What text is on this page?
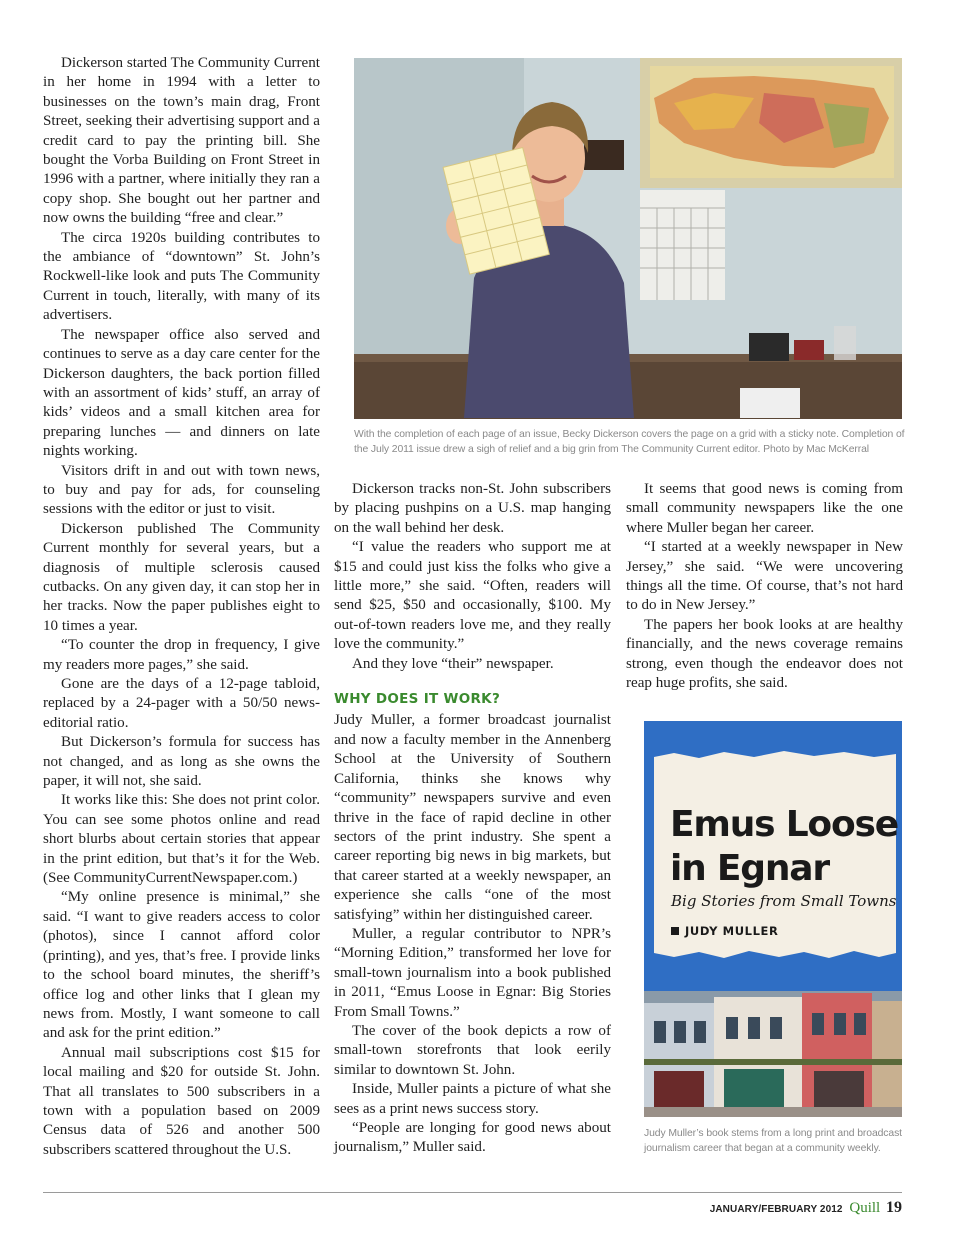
Dickerson started The Community Current in her home in 1994 with a letter to businesses on the town’s main drag, Front Street, seeking their advertising support and a credit card to pay the printing bill. She bought the Vorba Building on Front Street in 1996 with a partner, where initially they ran a copy shop. She bought out her partner and now owns the building “free and clear.”

The circa 1920s building contributes to the ambiance of “downtown” St. John’s Rockwell-like look and puts The Community Current in touch, literally, with many of its advertisers.

The newspaper office also served and continues to serve as a day care center for the Dickerson daughters, the back portion filled with an assortment of kids’ stuff, an array of kids’ videos and a small kitchen area for preparing lunches — and dinners on late nights working.

Visitors drift in and out with town news, to buy and pay for ads, for counseling sessions with the editor or just to visit.

Dickerson published The Community Current monthly for several years, but a diagnosis of multiple sclerosis caused cutbacks. On any given day, it can stop her in her tracks. Now the paper publishes eight to 10 times a year.

“To counter the drop in frequency, I give my readers more pages,” she said.

Gone are the days of a 12-page tabloid, replaced by a 24-pager with a 50/50 news-editorial ratio.

But Dickerson’s formula for success has not changed, and as long as she owns the paper, it will not, she said.

It works like this: She does not print color. You can see some photos online and read short blurbs about certain stories that appear in the print edition, but that’s it for the Web. (See CommunityCurrentNewspaper.com.)

“My online presence is minimal,” she said. “I want to give readers access to color (photos), since I cannot afford color (printing), and yes, that’s free. I provide links to the school board minutes, the sheriff’s office log and other links that I glean my news from. Mostly, I want someone to call and ask for the print edition.”

Annual mail subscriptions cost $15 for local mailing and $20 for outside St. John. That all translates to 500 subscribers in a town with a population based on 2009 Census data of 526 and another 500 subscribers scattered throughout the U.S.

With the completion of each page of an issue, Becky Dickerson covers the page on a grid with a sticky note. Completion of the July 2011 issue drew a sigh of relief and a big grin from The Community Current editor. Photo by Mac McKerral

Dickerson tracks non-St. John subscribers by placing pushpins on a U.S. map hanging on the wall behind her desk.

“I value the readers who support me at $15 and could just kiss the folks who give a little more,” she said. “Often, readers will send $25, $50 and occasionally, $100. My out-of-town readers love me, and they really love the community.”

And they love “their” newspaper.

WHY DOES IT WORK?

Judy Muller, a former broadcast journalist and now a faculty member in the Annenberg School at the University of Southern California, thinks she knows why “community” newspapers survive and even thrive in the face of rapid decline in other sectors of the print industry. She spent a career reporting big news in big markets, but that career started at a weekly newspaper, an experience she calls “one of the most satisfying” within her distinguished career.

Muller, a regular contributor to NPR’s “Morning Edition,” transformed her love for small-town journalism into a book published in 2011, “Emus Loose in Egnar: Big Stories From Small Towns.”

The cover of the book depicts a row of small-town storefronts that look eerily similar to downtown St. John.

Inside, Muller paints a picture of what she sees as a print news success story.

“People are longing for good news about journalism,” Muller said.

It seems that good news is coming from small community newspapers like the one where Muller began her career.

“I started at a weekly newspaper in New Jersey,” she said. “We were uncovering things all the time. Of course, that’s not hard to do in New Jersey.”

The papers her book looks at are healthy financially, and the news coverage remains strong, even though the endeavor does not reap huge profits, she said.

Emus Loose
in Egnar
Big Stories from Small Towns
JUDY MULLER
Judy Muller’s book stems from a long print and broadcast journalism career that began at a community weekly.
JANUARY/FEBRUARY 2012 Quill 19
